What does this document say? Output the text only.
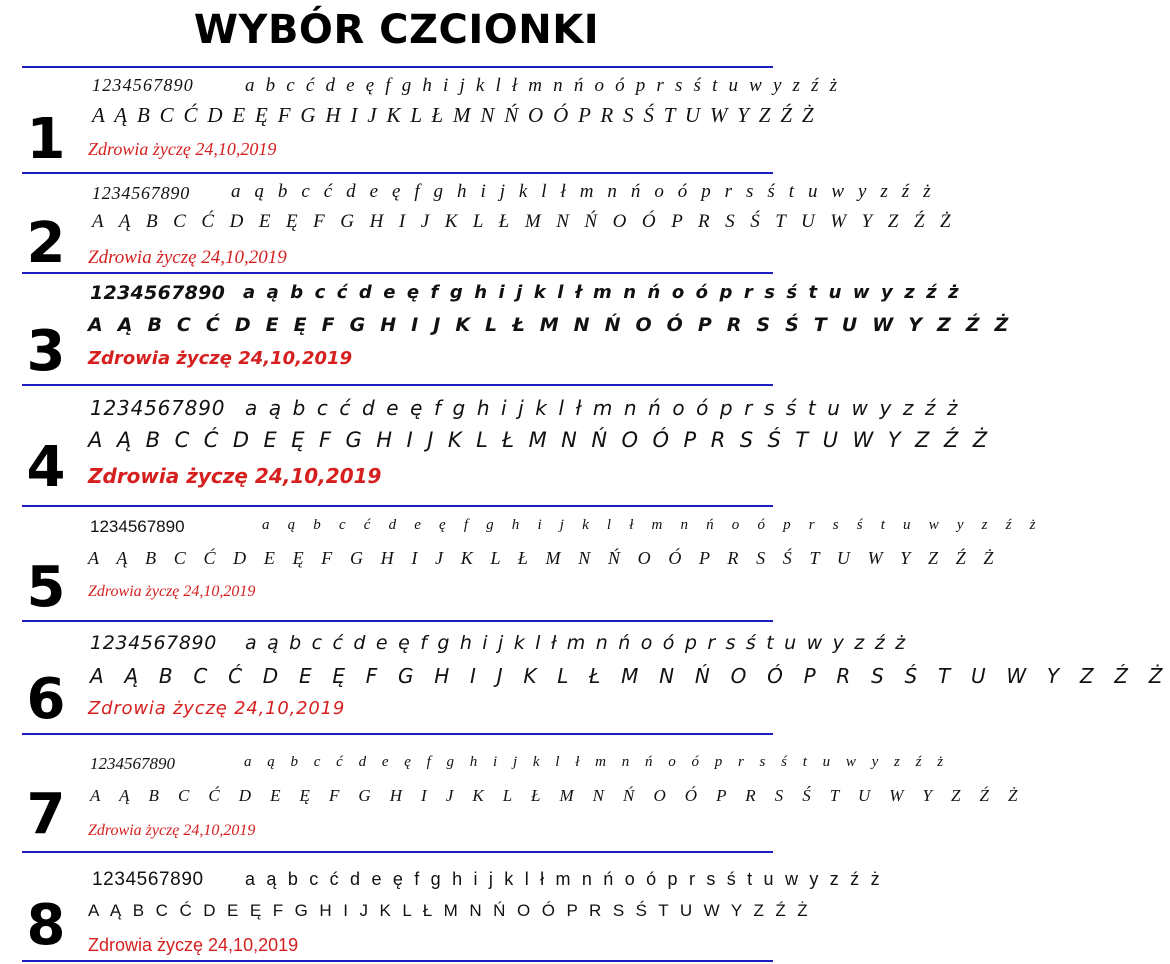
WYBÓR CZCIONKI
1
1234567890	a b c ć d e ę f g h i j k l ł m n ń o ó p r s ś t u w y z ź ż
A Ą B C Ć D E Ę F G H I J K L Ł M N Ń O Ó P R S Ś T U W Y Z Ź Ż
Zdrowia życzę 24,10,2019
2
1234567890 a ą b c ć d e ę f g h i j k l ł m n ń o ó p r s ś t u w y z ź ż
A Ą B C Ć D E Ę F G H I J K L Ł M N Ń O Ó P R S Ś T U W Y Z Ź Ż
Zdrowia życzę 24,10,2019
3
1234567890 a ą b c ć d e ę f g h i j k l ł m n ń o ó p r s ś t u w y z ź ż
A Ą B C Ć D E Ę F G H I J K L Ł M N Ń O Ó P R S Ś T U W Y Z Ź Ż
Zdrowia życzę 24,10,2019
4
1234567890 a ą b c ć d e ę f g h i j k l ł m n ń o ó p r s ś t u w y z ź ż
A Ą B C Ć D E Ę F G H I J K L Ł M N Ń O Ó P R S Ś T U W Y Z Ź Ż
Zdrowia życzę 24,10,2019
5
1234567890	a ą b c ć d e ę f g h i j k l ł m n ń o ó p r s ś t u w y z ź ż
A Ą B C Ć D E Ę F G H I J K L Ł M N Ń O Ó P R S Ś T U W Y Z Ź Ż
Zdrowia życzę 24,10,2019
6
1234567890 a ą b c ć d e ę f g h i j k l ł m n ń o ó p r s ś t u w y z ź ż
A Ą B C Ć D E Ę F G H I J K L Ł M N Ń O Ó P R S Ś T U W Y Z Ź Ż
Zdrowia życzę 24,10,2019
7
1234567890	a ą b c ć d e ę f g h i j k l ł m n ń o ó p r s ś t u w y z ź ż
A Ą B C Ć D E Ę F G H I J K L Ł M N Ń O Ó P R S Ś T U W Y Z Ź Ż
Zdrowia życzę 24,10,2019
8
1234567890 a ą b c ć d e ę f g h i j k l ł m n ń o ó p r s ś t u w y z ź ż
A Ą B C Ć D E Ę F G H I J K L Ł M N Ń O Ó P R S Ś T U W Y Z Ź Ż
Zdrowia życzę 24,10,2019
